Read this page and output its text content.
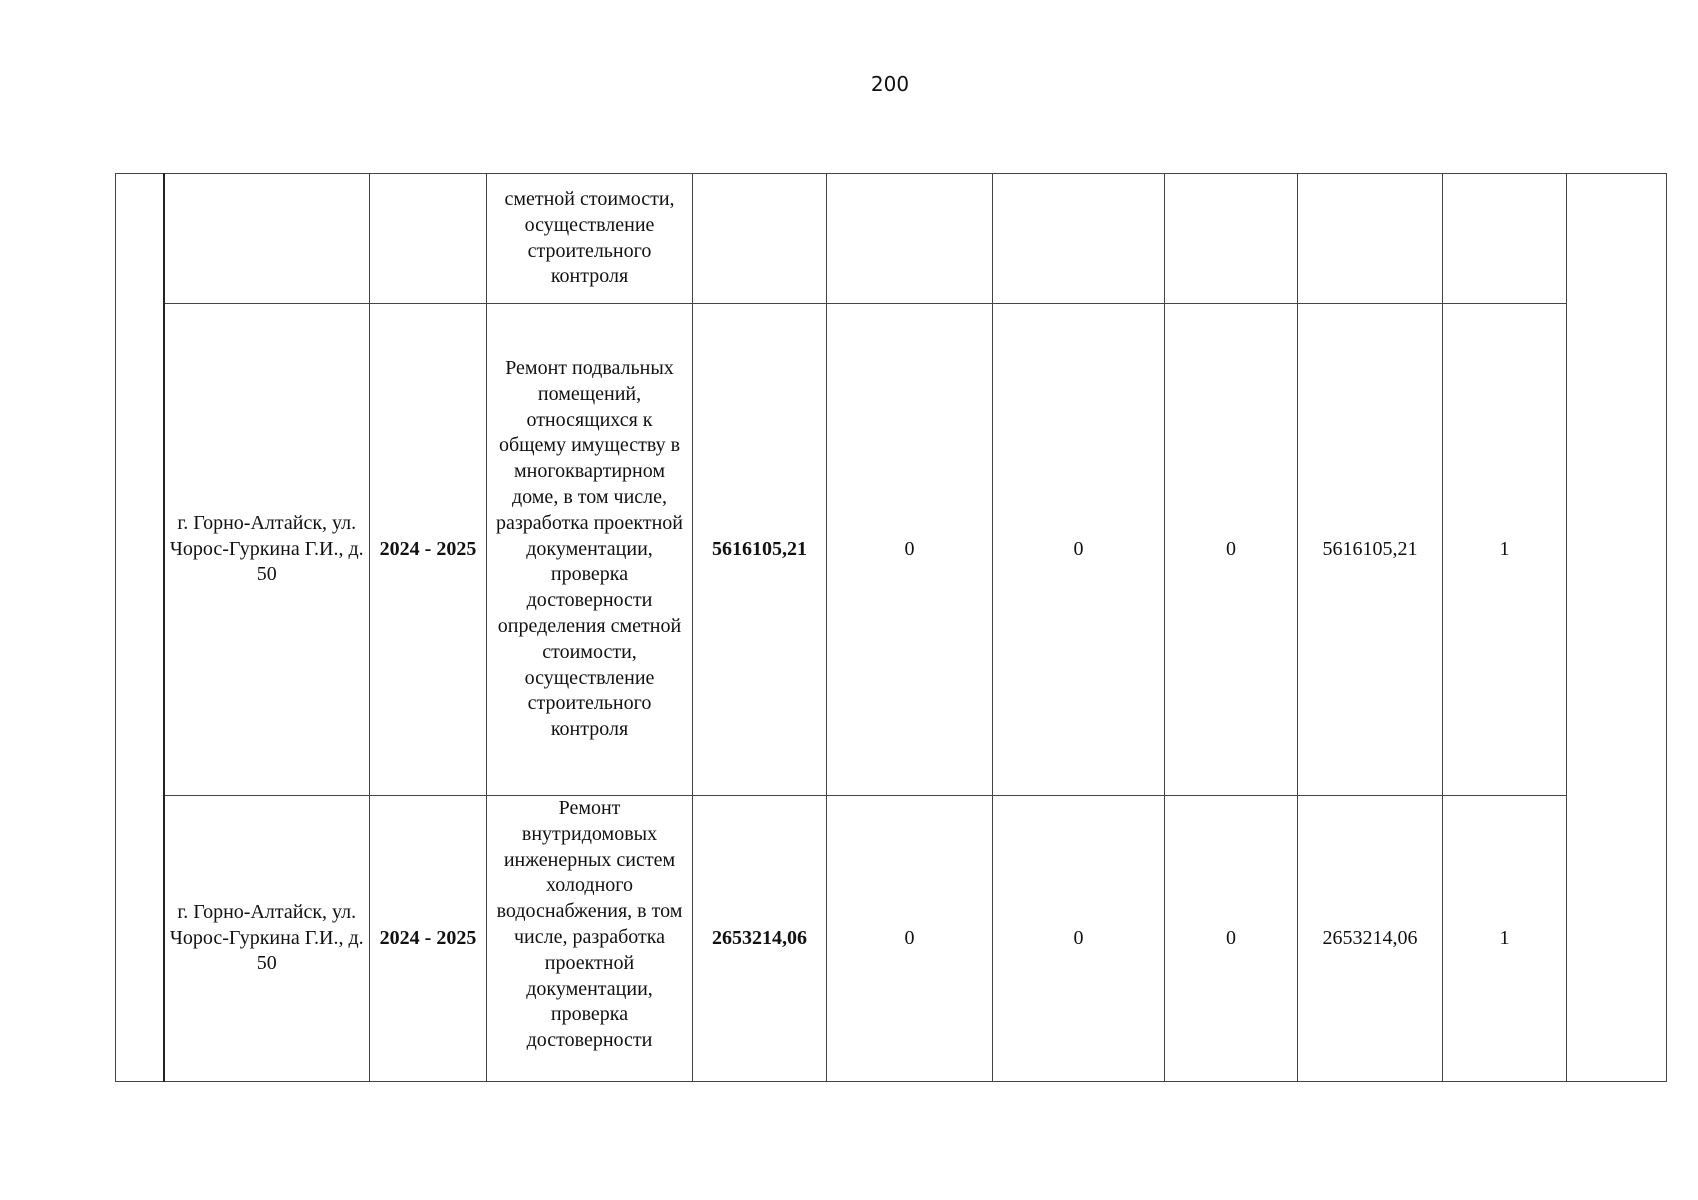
200
			сметной стоимости, осуществление строительного контроля							
	г. Горно-Алтайск, ул. Чорос-Гуркина Г.И., д. 50	2024 - 2025	Ремонт подвальных помещений, относящихся к общему имуществу в многоквартирном доме, в том числе, разработка проектной документации, проверка достоверности определения сметной стоимости, осуществление строительного контроля	5616105,21	0	0	0	5616105,21	1	
	г. Горно-Алтайск, ул. Чорос-Гуркина Г.И., д. 50	2024 - 2025	Ремонт внутридомовых инженерных систем холодного водоснабжения, в том числе, разработка проектной документации, проверка достоверности	2653214,06	0	0	0	2653214,06	1	
